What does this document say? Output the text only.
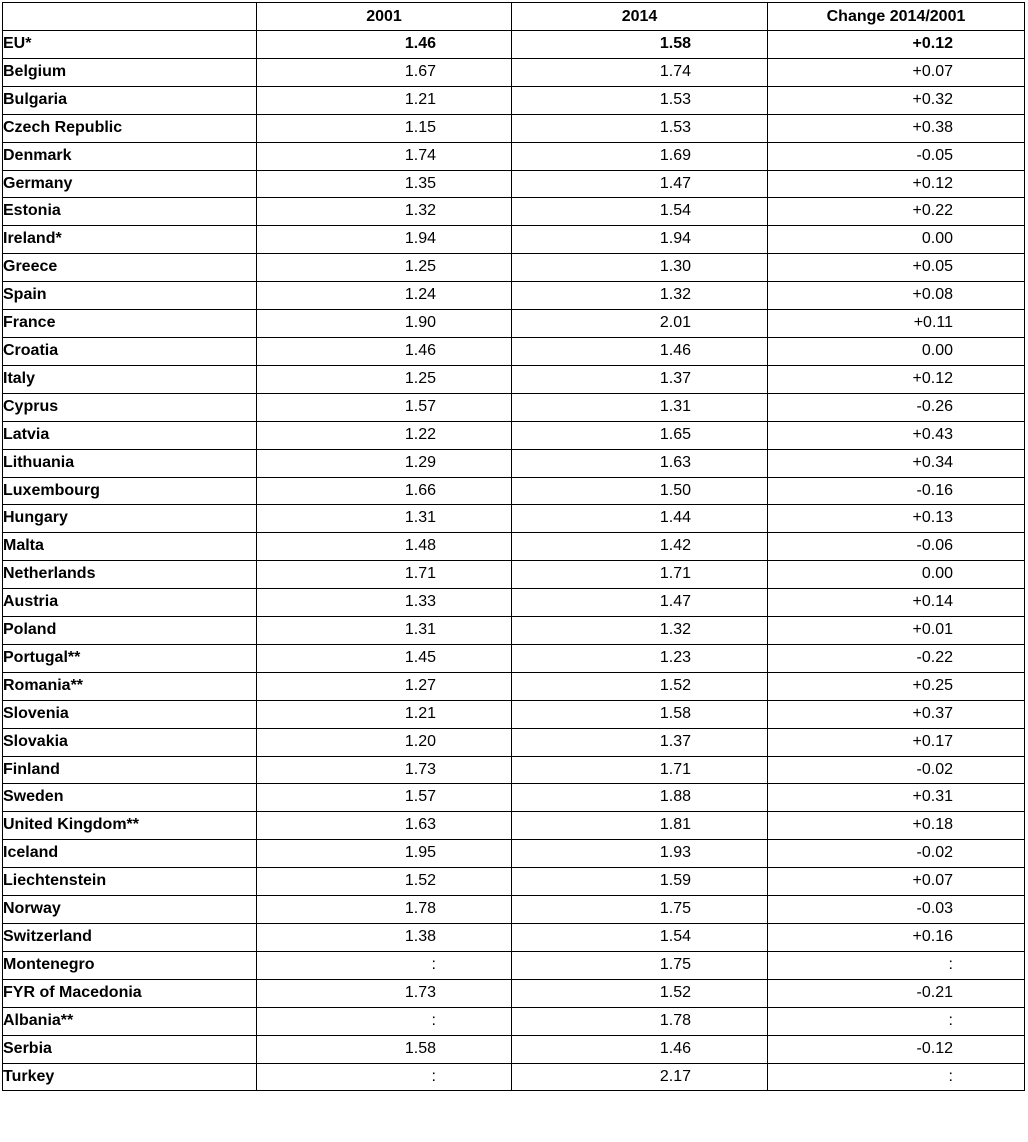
	2001	2014	Change 2014/2001
EU*	1.46	1.58	+0.12
Belgium	1.67	1.74	+0.07
Bulgaria	1.21	1.53	+0.32
Czech Republic	1.15	1.53	+0.38
Denmark	1.74	1.69	-0.05
Germany	1.35	1.47	+0.12
Estonia	1.32	1.54	+0.22
Ireland*	1.94	1.94	0.00
Greece	1.25	1.30	+0.05
Spain	1.24	1.32	+0.08
France	1.90	2.01	+0.11
Croatia	1.46	1.46	0.00
Italy	1.25	1.37	+0.12
Cyprus	1.57	1.31	-0.26
Latvia	1.22	1.65	+0.43
Lithuania	1.29	1.63	+0.34
Luxembourg	1.66	1.50	-0.16
Hungary	1.31	1.44	+0.13
Malta	1.48	1.42	-0.06
Netherlands	1.71	1.71	0.00
Austria	1.33	1.47	+0.14
Poland	1.31	1.32	+0.01
Portugal**	1.45	1.23	-0.22
Romania**	1.27	1.52	+0.25
Slovenia	1.21	1.58	+0.37
Slovakia	1.20	1.37	+0.17
Finland	1.73	1.71	-0.02
Sweden	1.57	1.88	+0.31
United Kingdom**	1.63	1.81	+0.18
Iceland	1.95	1.93	-0.02
Liechtenstein	1.52	1.59	+0.07
Norway	1.78	1.75	-0.03
Switzerland	1.38	1.54	+0.16
Montenegro	:	1.75	:
FYR of Macedonia	1.73	1.52	-0.21
Albania**	:	1.78	:
Serbia	1.58	1.46	-0.12
Turkey	:	2.17	:
